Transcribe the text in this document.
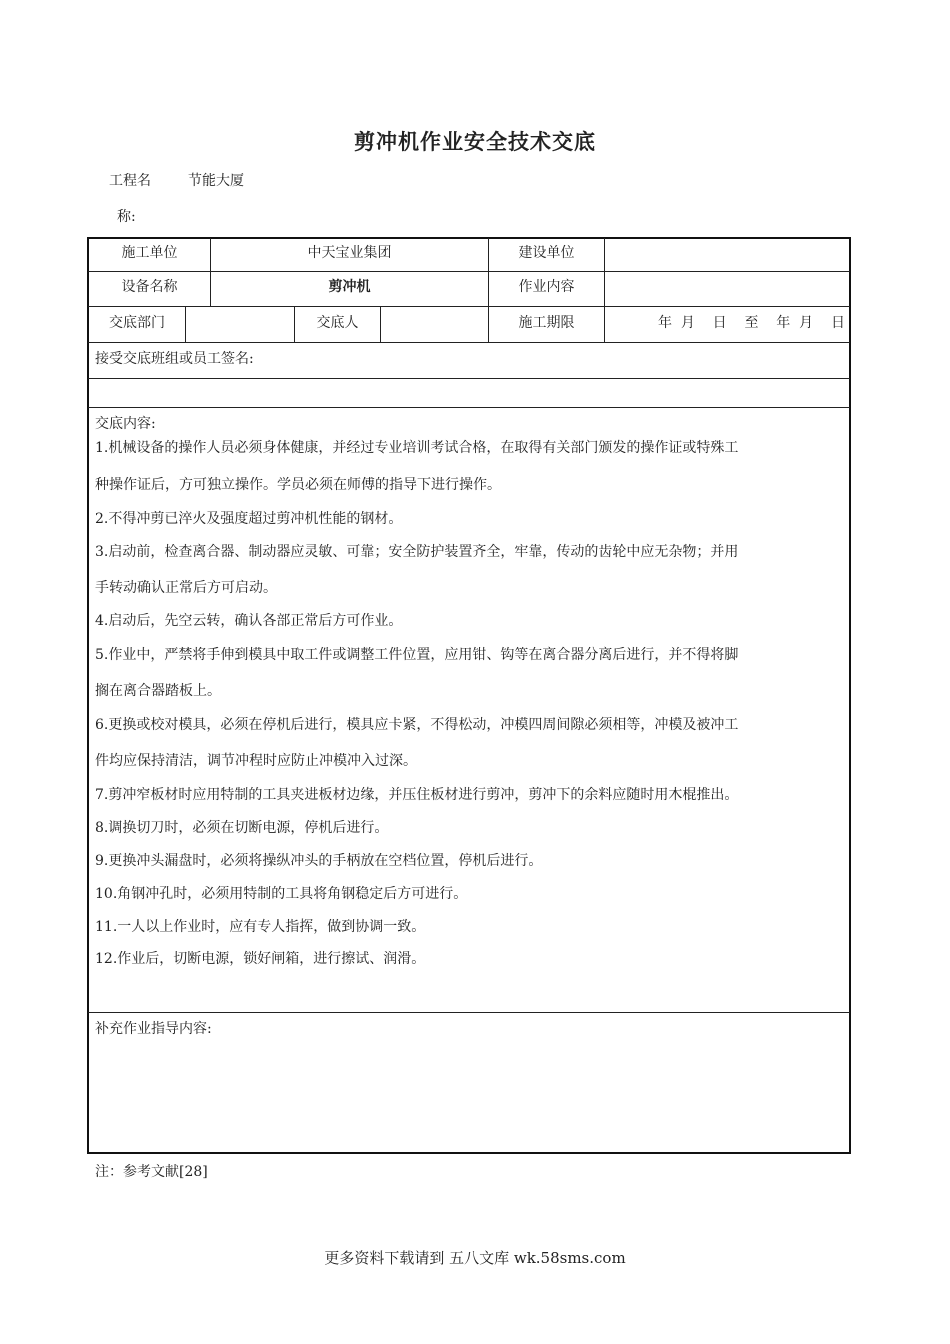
剪冲机作业安全技术交底
工程名	节能大厦
称:
施工单位	中天宝业集团	建设单位
设备名称	剪冲机	作业内容
交底部门	交底人	施工期限	年  月    日    至    年  月    日
接受交底班组或员工签名:
交底内容:
1.机械设备的操作人员必须身体健康，并经过专业培训考试合格，在取得有关部门颁发的操作证或特殊工
种操作证后，方可独立操作。学员必须在师傅的指导下进行操作。
2.不得冲剪已淬火及强度超过剪冲机性能的钢材。
3.启动前，检查离合器、制动器应灵敏、可靠；安全防护装置齐全，牢靠，传动的齿轮中应无杂物；并用
手转动确认正常后方可启动。
4.启动后，先空云转，确认各部正常后方可作业。
5.作业中，严禁将手伸到模具中取工件或调整工件位置，应用钳、钩等在离合器分离后进行，并不得将脚
搁在离合器踏板上。
6.更换或校对模具，必须在停机后进行，模具应卡紧，不得松动，冲模四周间隙必须相等，冲模及被冲工
件均应保持清洁，调节冲程时应防止冲模冲入过深。
7.剪冲窄板材时应用特制的工具夹进板材边缘，并压住板材进行剪冲，剪冲下的余料应随时用木棍推出。
8.调换切刀时，必须在切断电源，停机后进行。
9.更换冲头漏盘时，必须将操纵冲头的手柄放在空档位置，停机后进行。
10.角钢冲孔时，必须用特制的工具将角钢稳定后方可进行。
11.一人以上作业时，应有专人指挥，做到协调一致。
12.作业后，切断电源，锁好闸箱，进行擦试、润滑。
补充作业指导内容:
注：参考文献[28]
更多资料下载请到 五八文库 wk.58sms.com
